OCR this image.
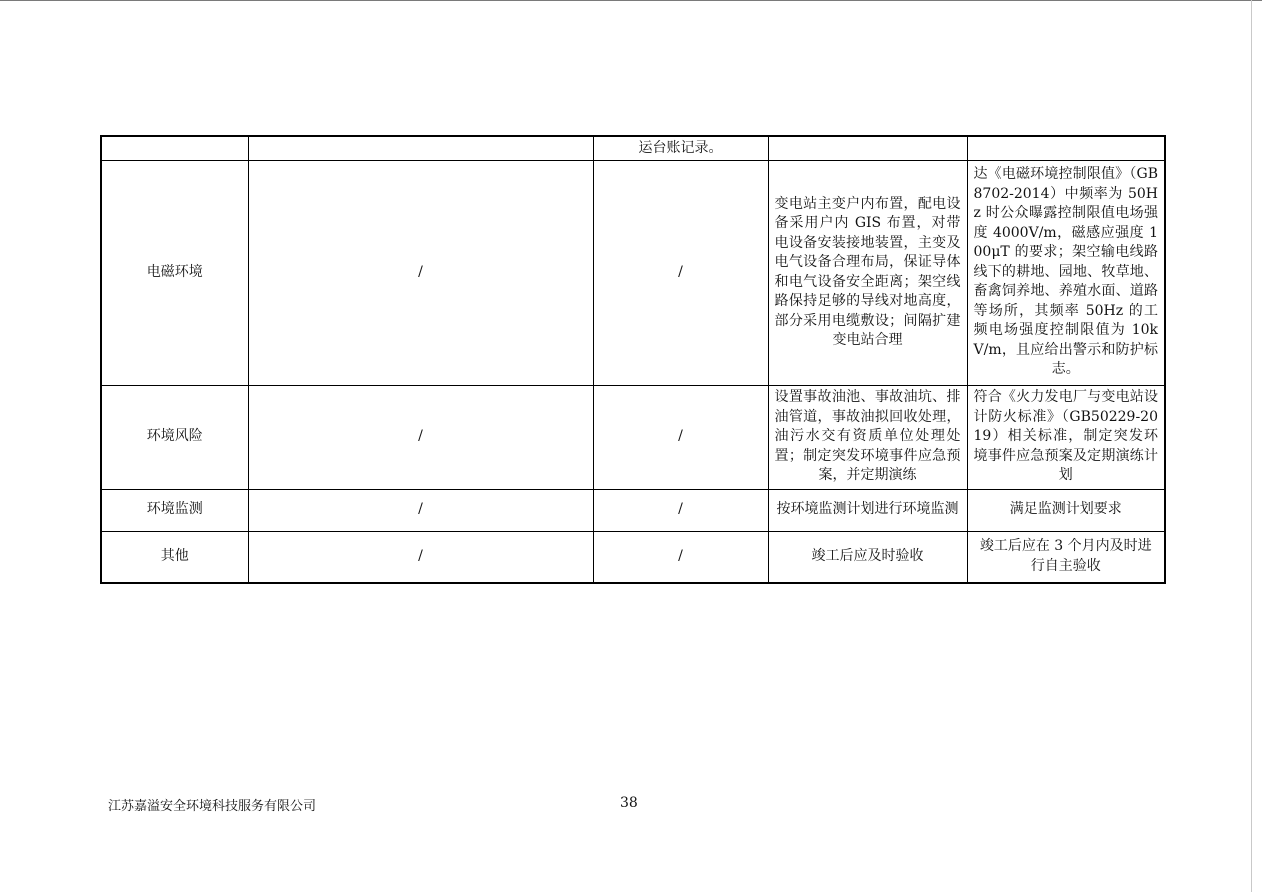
		运台账记录。		
电磁环境	/	/	变电站主变户内布置，配电设备采用户内 GIS 布置，对带电设备安装接地装置，主变及电气设备合理布局，保证导体和电气设备安全距离；架空线路保持足够的导线对地高度，部分采用电缆敷设；间隔扩建变电站合理	达《电磁环境控制限值》（GB8702-2014）中频率为 50Hz 时公众曝露控制限值电场强度 4000V/m，磁感应强度 100μT 的要求；架空输电线路线下的耕地、园地、牧草地、畜禽饲养地、养殖水面、道路等场所，其频率 50Hz 的工频电场强度控制限值为 10kV/m，且应给出警示和防护标志。
环境风险	/	/	设置事故油池、事故油坑、排油管道，事故油拟回收处理，油污水交有资质单位处理处置；制定突发环境事件应急预案，并定期演练	符合《火力发电厂与变电站设计防火标准》（GB50229-2019）相关标准，制定突发环境事件应急预案及定期演练计划
环境监测	/	/	按环境监测计划进行环境监测	满足监测计划要求
其他	/	/	竣工后应及时验收	竣工后应在 3 个月内及时进行自主验收
江苏嘉溢安全环境科技服务有限公司	38
